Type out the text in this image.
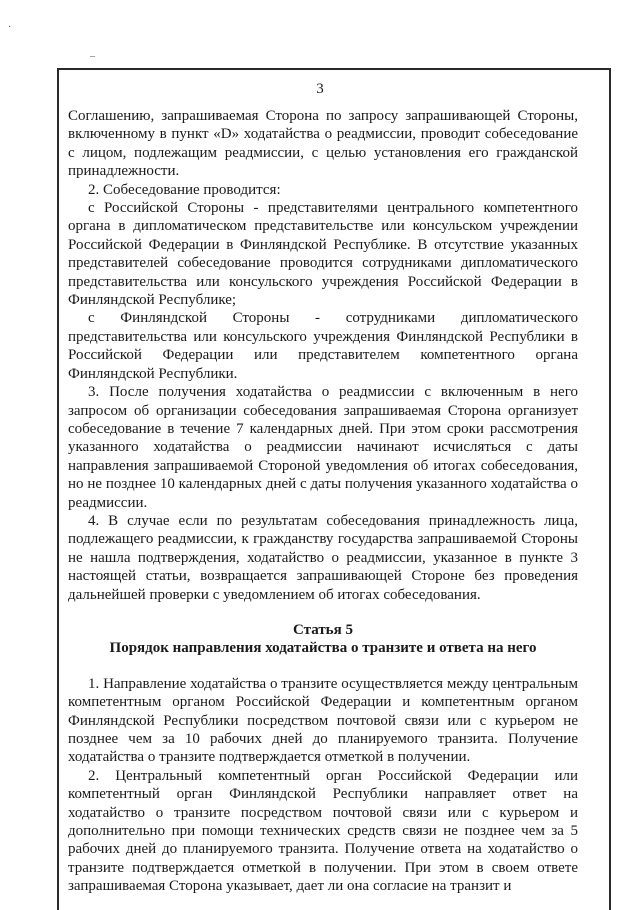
·
–
3

Соглашению, запрашиваемая Сторона по запросу запрашивающей Стороны, включенному в пункт «D» ходатайства о реадмиссии, проводит собеседование с лицом, подлежащим реадмиссии, с целью установления его гражданской принадлежности.

2. Собеседование проводится:

с Российской Стороны - представителями центрального компетентного органа в дипломатическом представительстве или консульском учреждении Российской Федерации в Финляндской Республике. В отсутствие указанных представителей собеседование проводится сотрудниками дипломатического представительства или консульского учреждения Российской Федерации в Финляндской Республике;

с Финляндской Стороны - сотрудниками дипломатического представительства или консульского учреждения Финляндской Республики в Российской Федерации или представителем компетентного органа Финляндской Республики.

3. После получения ходатайства о реадмиссии с включенным в него запросом об организации собеседования запрашиваемая Сторона организует собеседование в течение 7 календарных дней. При этом сроки рассмотрения указанного ходатайства о реадмиссии начинают исчисляться с даты направления запрашиваемой Стороной уведомления об итогах собеседования, но не позднее 10 календарных дней с даты получения указанного ходатайства о реадмиссии.

4. В случае если по результатам собеседования принадлежность лица, подлежащего реадмиссии, к гражданству государства запрашиваемой Стороны не нашла подтверждения, ходатайство о реадмиссии, указанное в пункте 3 настоящей статьи, возвращается запрашивающей Стороне без проведения дальнейшей проверки с уведомлением об итогах собеседования.

Статья 5

Порядок направления ходатайства о транзите и ответа на него

1. Направление ходатайства о транзите осуществляется между центральным компетентным органом Российской Федерации и компетентным органом Финляндской Республики посредством почтовой связи или с курьером не позднее чем за 10 рабочих дней до планируемого транзита. Получение ходатайства о транзите подтверждается отметкой в получении.

2. Центральный компетентный орган Российской Федерации или компетентный орган Финляндской Республики направляет ответ на ходатайство о транзите посредством почтовой связи или с курьером и дополнительно при помощи технических средств связи не позднее чем за 5 рабочих дней до планируемого транзита. Получение ответа на ходатайство о транзите подтверждается отметкой в получении. При этом в своем ответе запрашиваемая Сторона указывает, дает ли она согласие на транзит и
